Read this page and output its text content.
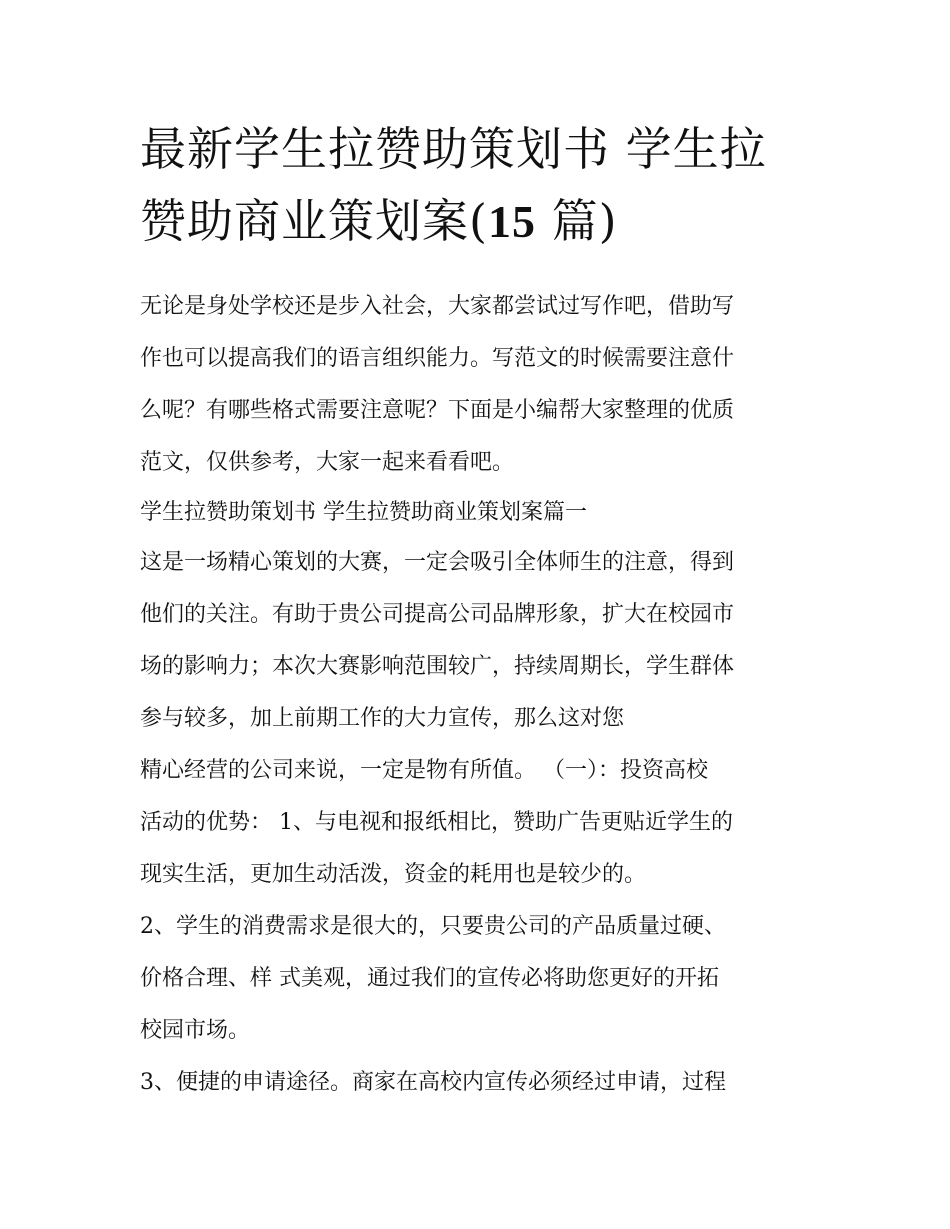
最新学生拉赞助策划书 学生拉
赞助商业策划案(15 篇)
无论是身处学校还是步入社会，大家都尝试过写作吧，借助写
作也可以提高我们的语言组织能力。写范文的时候需要注意什
么呢？有哪些格式需要注意呢？下面是小编帮大家整理的优质
范文，仅供参考，大家一起来看看吧。
学生拉赞助策划书 学生拉赞助商业策划案篇一
这是一场精心策划的大赛，一定会吸引全体师生的注意，得到
他们的关注。有助于贵公司提高公司品牌形象，扩大在校园市
场的影响力；本次大赛影响范围较广，持续周期长，学生群体
参与较多，加上前期工作的大力宣传，那么这对您
精心经营的公司来说，一定是物有所值。 （一）：投资高校
活动的优势： 1、与电视和报纸相比，赞助广告更贴近学生的
现实生活，更加生动活泼，资金的耗用也是较少的。
2、学生的消费需求是很大的，只要贵公司的产品质量过硬、
价格合理、样 式美观，通过我们的宣传必将助您更好的开拓
校园市场。
3、便捷的申请途径。商家在高校内宣传必须经过申请，过程
